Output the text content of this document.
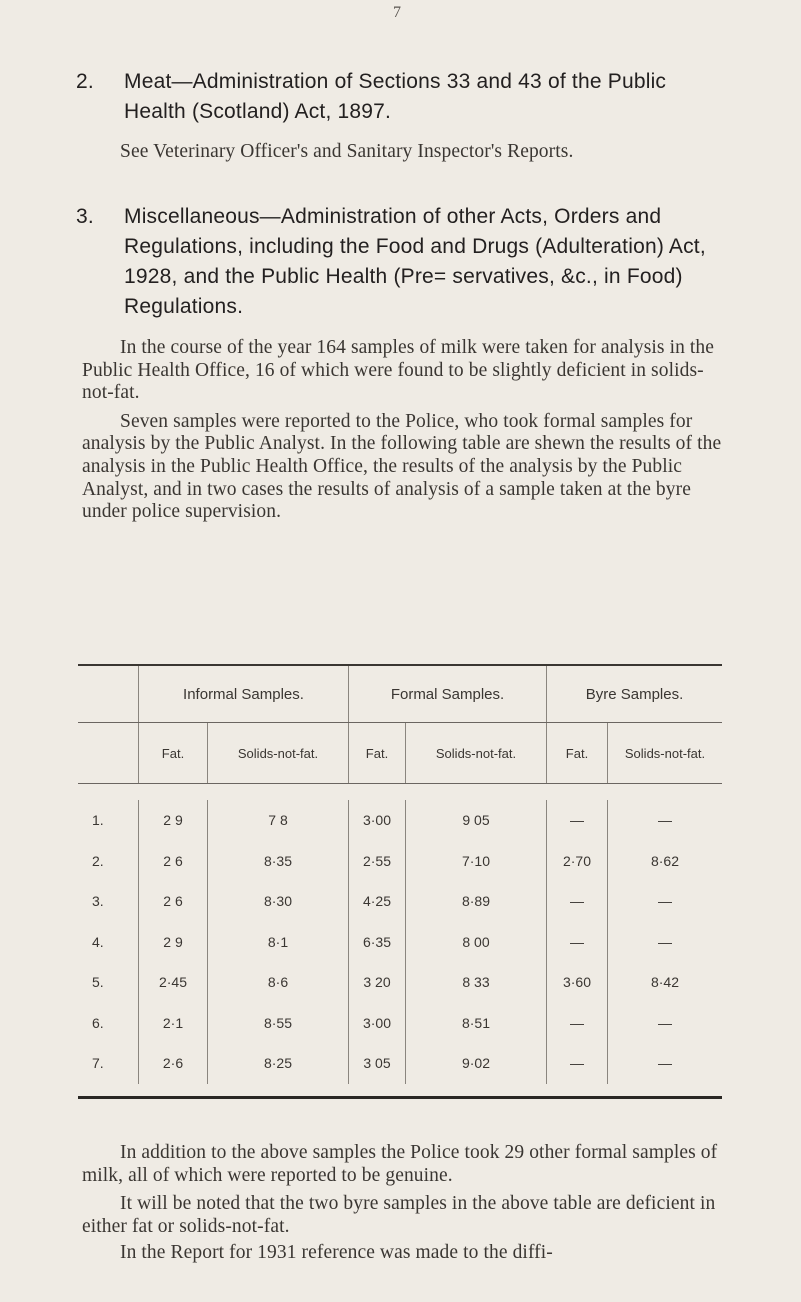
7
2.	Meat—Administration of Sections 33 and 43 of the Public Health (Scotland) Act, 1897.
See Veterinary Officer's and Sanitary Inspector's Reports.
3.	Miscellaneous—Administration of other Acts, Orders and Regulations, including the Food and Drugs (Adulteration) Act, 1928, and the Public Health (Pre= servatives, &c., in Food) Regulations.
In the course of the year 164 samples of milk were taken for analysis in the Public Health Office, 16 of which were found to be slightly deficient in solids-not-fat.
Seven samples were reported to the Police, who took formal samples for analysis by the Public Analyst. In the following table are shewn the results of the analysis in the Public Health Office, the results of the analysis by the Public Analyst, and in two cases the results of analysis of a sample taken at the byre under police supervision.
	Informal Samples.		Formal Samples.		Byre Samples.	
	Fat.	Solids-not-fat.	Fat.	Solids-not-fat.	Fat.	Solids-not-fat.

1.	2 9	7 8	3·00	9 05	—	—
2.	2 6	8·35	2·55	7·10	2·70	8·62
3.	2 6	8·30	4·25	8·89	—	—
4.	2 9	8·1	6·35	8 00	—	—
5.	2·45	8·6	3 20	8 33	3·60	8·42
6.	2·1	8·55	3·00	8·51	—	—
7.	2·6	8·25	3 05	9·02	—	—

In addition to the above samples the Police took 29 other formal samples of milk, all of which were reported to be genuine.
It will be noted that the two byre samples in the above table are deficient in either fat or solids-not-fat.
In the Report for 1931 reference was made to the diffi-
